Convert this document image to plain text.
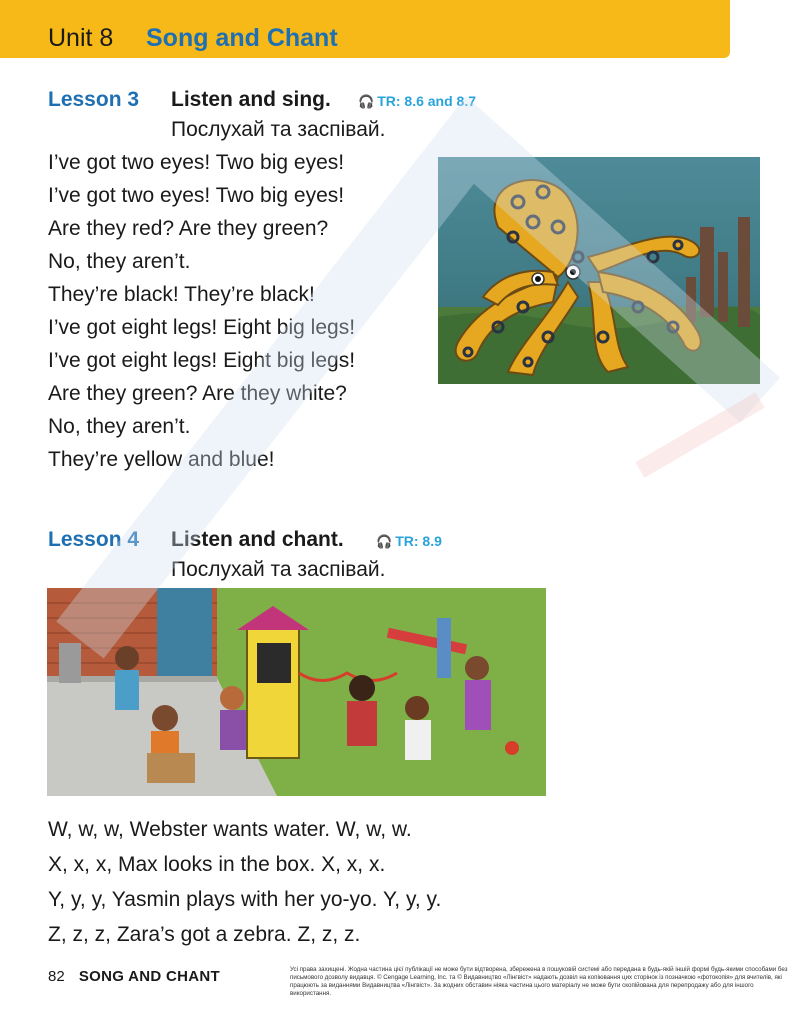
Unit 8 Song and Chant
Lesson 3 Listen and sing. 🎧 TR: 8.6 and 8.7
Послухай та заспівай.
I’ve got two eyes! Two big eyes!
I’ve got two eyes! Two big eyes!
Are they red? Are they green?
No, they aren’t.
They’re black! They’re black!
I’ve got eight legs! Eight big legs!
I’ve got eight legs! Eight big legs!
Are they green? Are they white?
No, they aren’t.
They’re yellow and blue!
Lesson 4 Listen and chant. 🎧 TR: 8.9
Послухай та заспівай.
W, w, w, Webster wants water. W, w, w.
X, x, x, Max looks in the box. X, x, x.
Y, y, y, Yasmin plays with her yo-yo. Y, y, y.
Z, z, z, Zara’s got a zebra. Z, z, z.
82 SONG AND CHANT	Усі права захищені. Жодна частина цієї публікації не може бути відтворена, збережена в пошуковій системі або передана в будь-якій іншій формі будь-якими способами без письмового дозволу видавця. © Cengage Learning, Inc. та © Видавництво «Лінгвіст» надають дозвіл на копіювання цих сторінок із позначкою «фотокопія» для вчителів, які працюють за виданнями Видавництва «Лінгвіст». За жодних обставин ніяка частина цього матеріалу не може бути скопійована для перепродажу або для іншого використання.
